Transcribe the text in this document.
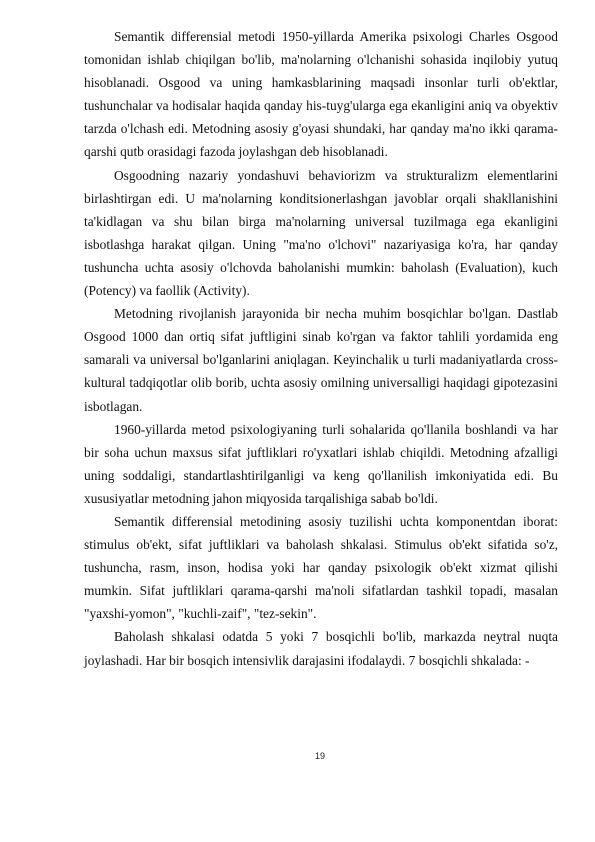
Semantik differensial metodi 1950-yillarda Amerika psixologi Charles Osgood tomonidan ishlab chiqilgan bo'lib, ma'nolarning o'lchanishi sohasida inqilobiy yutuq hisoblanadi. Osgood va uning hamkasblarining maqsadi insonlar turli ob'ektlar, tushunchalar va hodisalar haqida qanday his-tuyg'ularga ega ekanligini aniq va obyektiv tarzda o'lchash edi. Metodning asosiy g'oyasi shundaki, har qanday ma'no ikki qarama-qarshi qutb orasidagi fazoda joylashgan deb hisoblanadi.

Osgoodning nazariy yondashuvi behaviorizm va strukturalizm elementlarini birlashtirgan edi. U ma'nolarning konditsionerlashgan javoblar orqali shakllanishini ta'kidlagan va shu bilan birga ma'nolarning universal tuzilmaga ega ekanligini isbotlashga harakat qilgan. Uning "ma'no o'lchovi" nazariyasiga ko'ra, har qanday tushuncha uchta asosiy o'lchovda baholanishi mumkin: baholash (Evaluation), kuch (Potency) va faollik (Activity).

Metodning rivojlanish jarayonida bir necha muhim bosqichlar bo'lgan. Dastlab Osgood 1000 dan ortiq sifat juftligini sinab ko'rgan va faktor tahlili yordamida eng samarali va universal bo'lganlarini aniqlagan. Keyinchalik u turli madaniyatlarda cross-kultural tadqiqotlar olib borib, uchta asosiy omilning universalligi haqidagi gipotezasini isbotlagan.

1960-yillarda metod psixologiyaning turli sohalarida qo'llanila boshlandi va har bir soha uchun maxsus sifat juftliklari ro'yxatlari ishlab chiqildi. Metodning afzalligi uning soddaligi, standartlashtirilganligi va keng qo'llanilish imkoniyatida edi. Bu xususiyatlar metodning jahon miqyosida tarqalishiga sabab bo'ldi.

Semantik differensial metodining asosiy tuzilishi uchta komponentdan iborat: stimulus ob'ekt, sifat juftliklari va baholash shkalasi. Stimulus ob'ekt sifatida so'z, tushuncha, rasm, inson, hodisa yoki har qanday psixologik ob'ekt xizmat qilishi mumkin. Sifat juftliklari qarama-qarshi ma'noli sifatlardan tashkil topadi, masalan "yaxshi-yomon", "kuchli-zaif", "tez-sekin".

Baholash shkalasi odatda 5 yoki 7 bosqichli bo'lib, markazda neytral nuqta joylashadi. Har bir bosqich intensivlik darajasini ifodalaydi. 7 bosqichli shkalada: -

19
